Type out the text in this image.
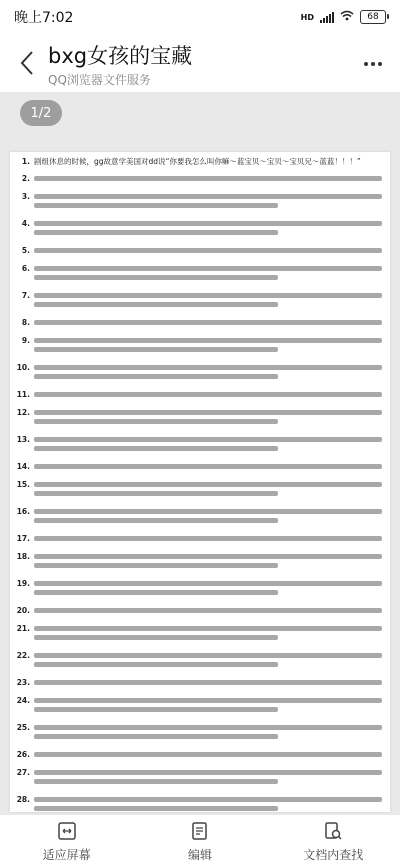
晚上7:02	HD	68
bxg女孩的宝藏
QQ浏览器文件服务
1/2
1. 剧组休息的时候，gg故意学美国对dd说“你要我怎么叫你嘛～蓝宝贝～宝贝～宝贝兄～蓝蓝！！！”
2.
3.
4.
5.
6.
7.
8.
9.
10.
11.
12.
13.
14.
15.
16.
17.
18.
19.
20.
21.
22.
23.
24.
25.
26.
27.
28.
适应屏幕	编辑	文档内查找
